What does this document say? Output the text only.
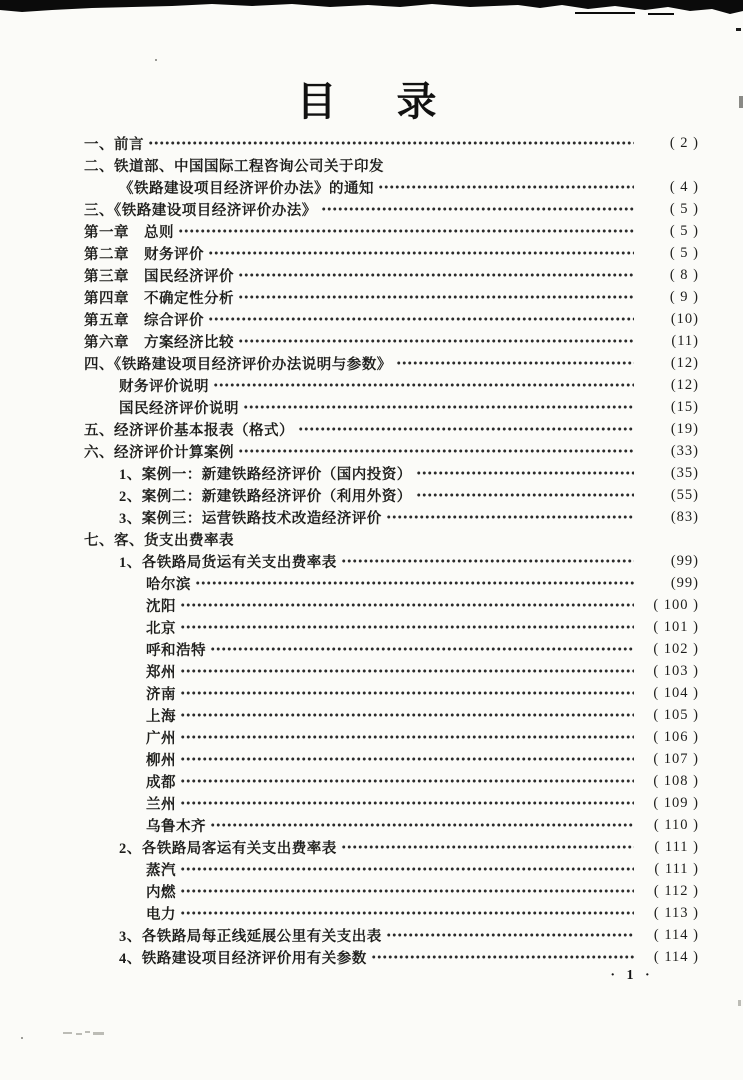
目　录
一、前言	( 2 )
二、铁道部、中国国际工程咨询公司关于印发
《铁路建设项目经济评价办法》的通知	( 4 )
三、《铁路建设项目经济评价办法》	( 5 )
第一章　总则	( 5 )
第二章　财务评价	( 5 )
第三章　国民经济评价	( 8 )
第四章　不确定性分析	( 9 )
第五章　综合评价	(10)
第六章　方案经济比较	(11)
四、《铁路建设项目经济评价办法说明与参数》	(12)
财务评价说明	(12)
国民经济评价说明	(15)
五、经济评价基本报表（格式）	(19)
六、经济评价计算案例	(33)
1、案例一：新建铁路经济评价（国内投资）	(35)
2、案例二：新建铁路经济评价（利用外资）	(55)
3、案例三：运营铁路技术改造经济评价	(83)
七、客、货支出费率表
1、各铁路局货运有关支出费率表	(99)
哈尔滨	(99)
沈阳	( 100 )
北京	( 101 )
呼和浩特	( 102 )
郑州	( 103 )
济南	( 104 )
上海	( 105 )
广州	( 106 )
柳州	( 107 )
成都	( 108 )
兰州	( 109 )
乌鲁木齐	( 110 )
2、各铁路局客运有关支出费率表	( 111 )
蒸汽	( 111 )
内燃	( 112 )
电力	( 113 )
3、各铁路局每正线延展公里有关支出表	( 114 )
4、铁路建设项目经济评价用有关参数	( 114 )
· 1 ·
